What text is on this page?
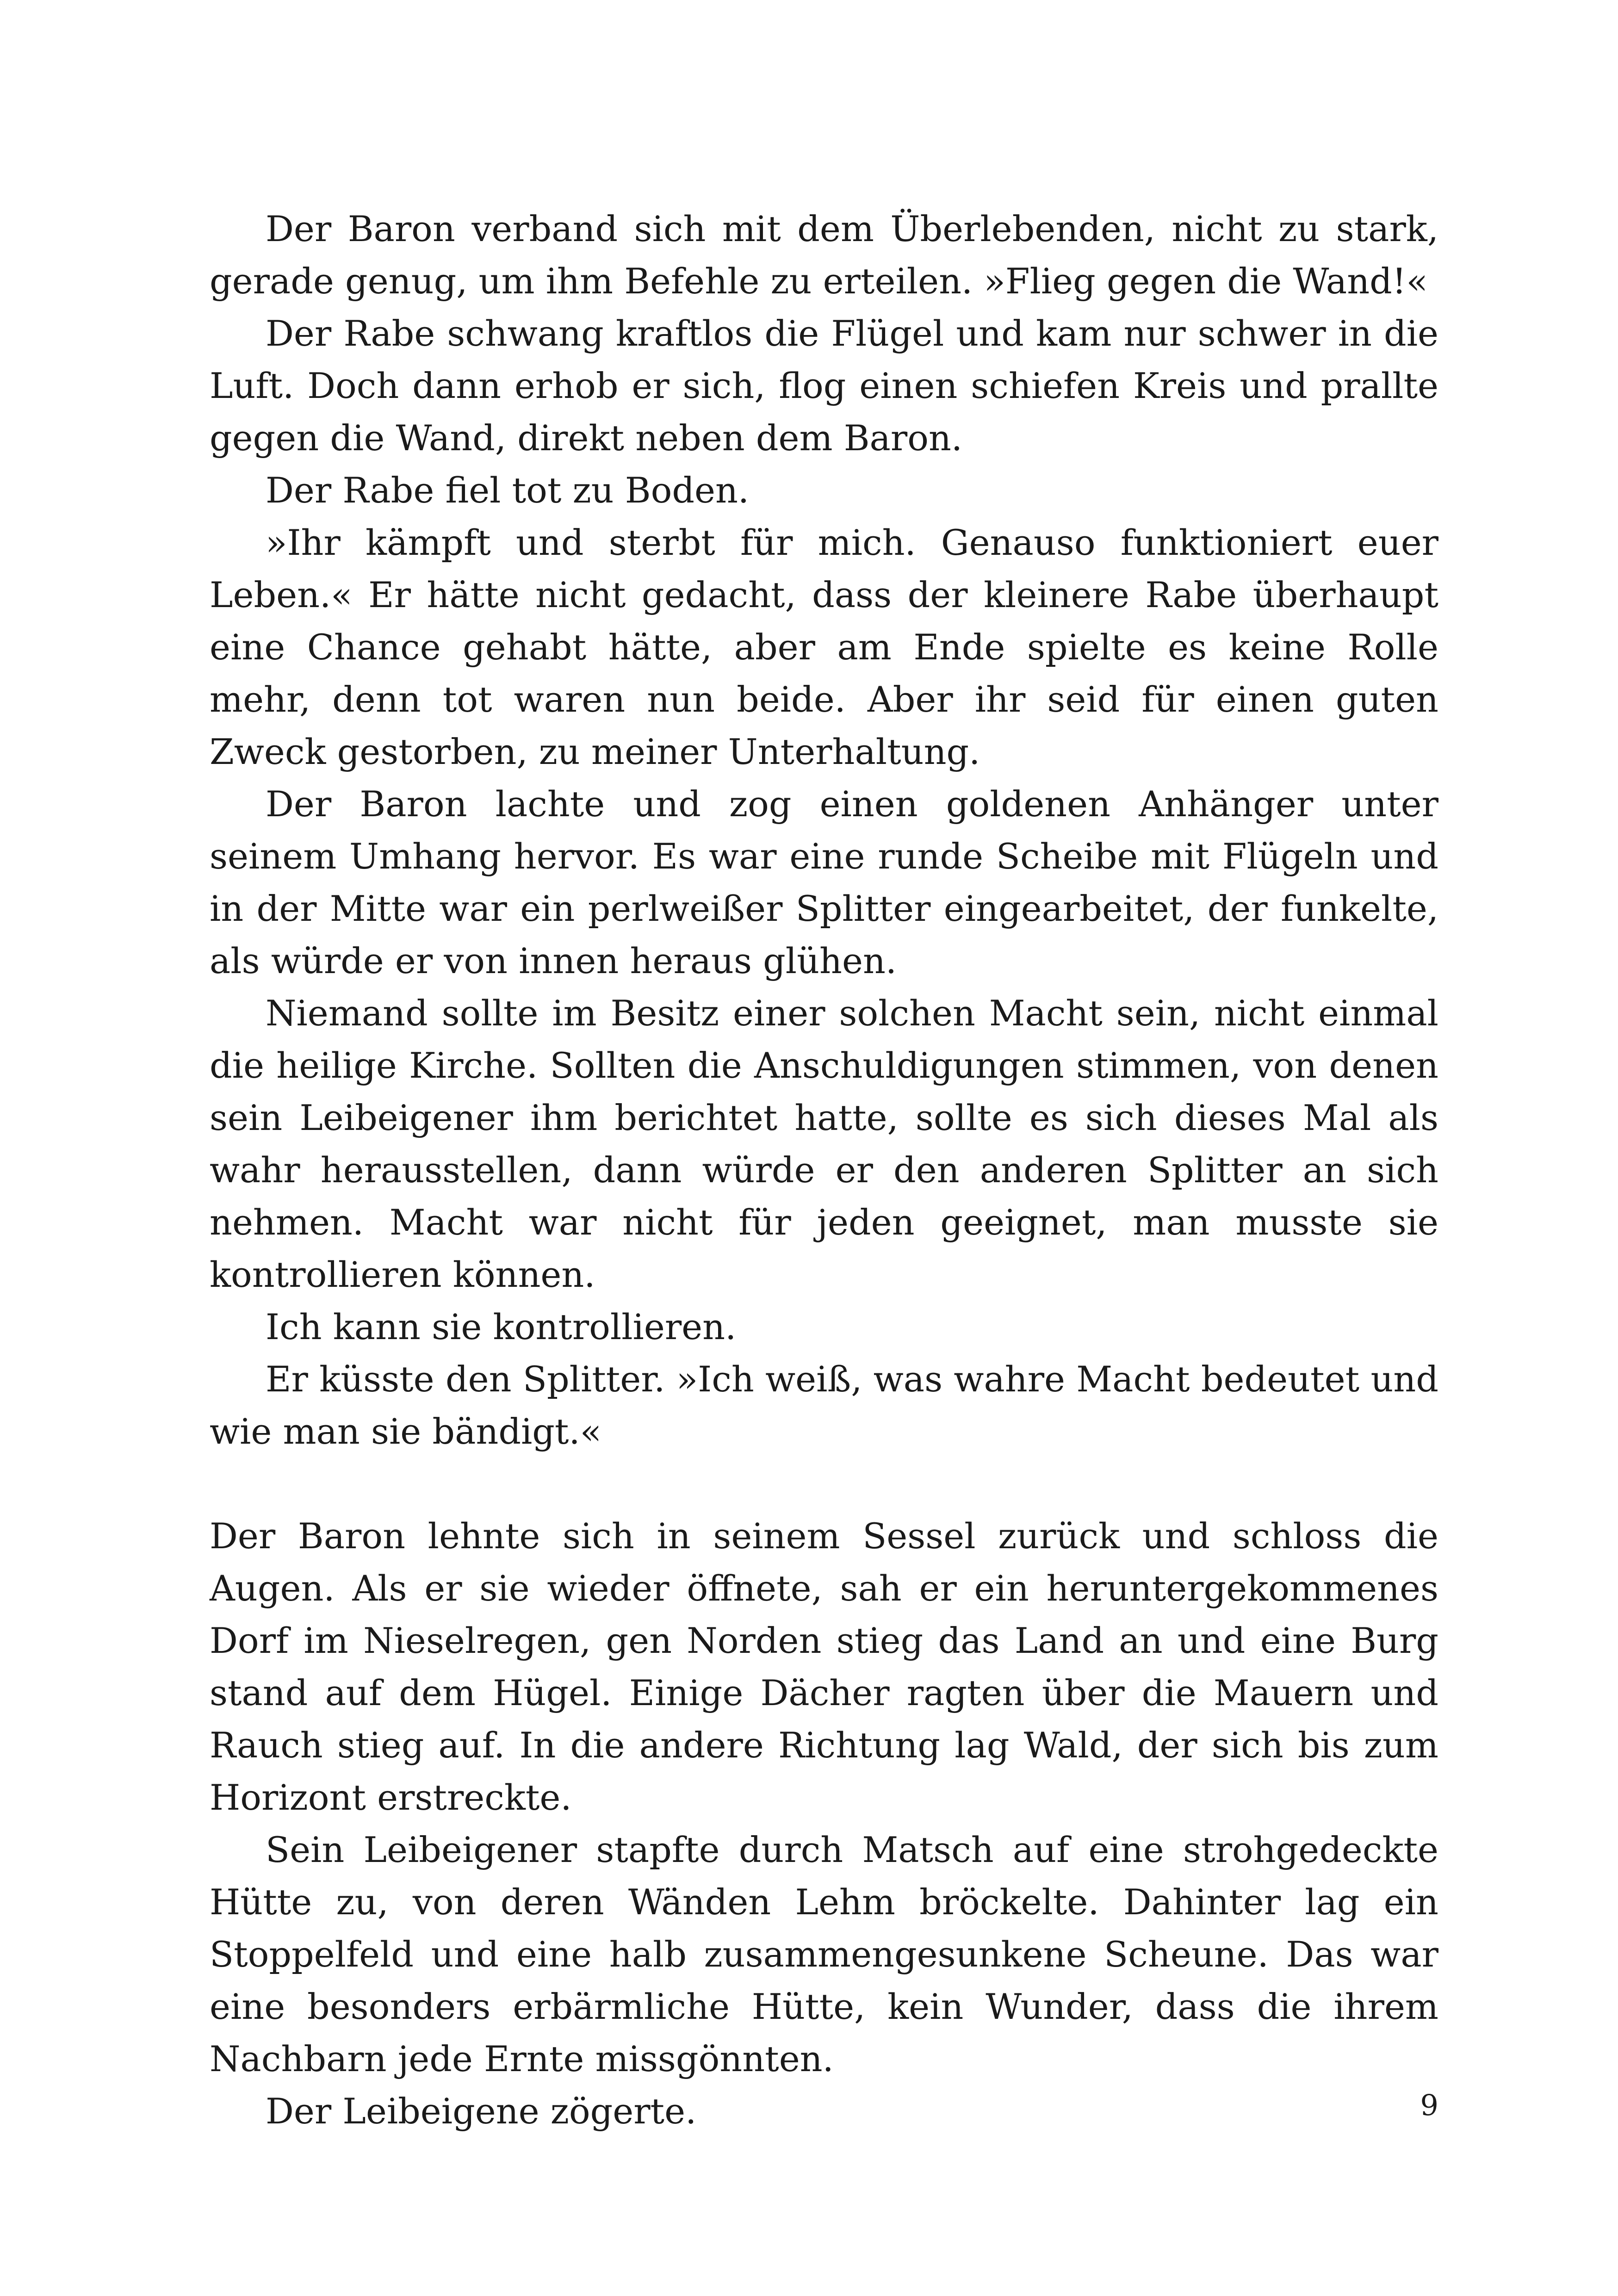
Der Baron verband sich mit dem Überlebenden, nicht zu stark, gerade genug, um ihm Befehle zu erteilen. »Flieg gegen die Wand!«

Der Rabe schwang kraftlos die Flügel und kam nur schwer in die Luft. Doch dann erhob er sich, ﬂog einen schiefen Kreis und prallte gegen die Wand, direkt neben dem Baron.

Der Rabe ﬁel tot zu Boden.

»Ihr kämpft und sterbt für mich. Genauso funktioniert euer Leben.« Er hätte nicht gedacht, dass der kleinere Rabe überhaupt eine Chance gehabt hätte, aber am Ende spielte es keine Rolle mehr, denn tot waren nun beide. Aber ihr seid für einen guten Zweck gestorben, zu meiner Unterhaltung.

Der Baron lachte und zog einen goldenen Anhänger unter seinem Umhang hervor. Es war eine runde Scheibe mit Flügeln und in der Mitte war ein perlweißer Splitter eingearbeitet, der funkelte, als würde er von innen heraus glühen.

Niemand sollte im Besitz einer solchen Macht sein, nicht einmal die heilige Kirche. Sollten die Anschuldigungen stimmen, von denen sein Leibeigener ihm berichtet hatte, sollte es sich dieses Mal als wahr herausstellen, dann würde er den anderen Splitter an sich nehmen. Macht war nicht für jeden geeignet, man musste sie kontrollieren können.

Ich kann sie kontrollieren.

Er küsste den Splitter. »Ich weiß, was wahre Macht bedeutet und wie man sie bändigt.«

Der Baron lehnte sich in seinem Sessel zurück und schloss die Augen. Als er sie wieder öffnete, sah er ein heruntergekommenes Dorf im Nieselregen, gen Norden stieg das Land an und eine Burg stand auf dem Hügel. Einige Dächer ragten über die Mauern und Rauch stieg auf. In die andere Richtung lag Wald, der sich bis zum Horizont erstreckte.

Sein Leibeigener stapfte durch Matsch auf eine strohgedeckte Hütte zu, von deren Wänden Lehm bröckelte. Dahinter lag ein Stoppelfeld und eine halb zusammengesunkene Scheune. Das war eine besonders erbärmliche Hütte, kein Wunder, dass die ihrem Nachbarn jede Ernte missgönnten.

Der Leibeigene zögerte.	9
